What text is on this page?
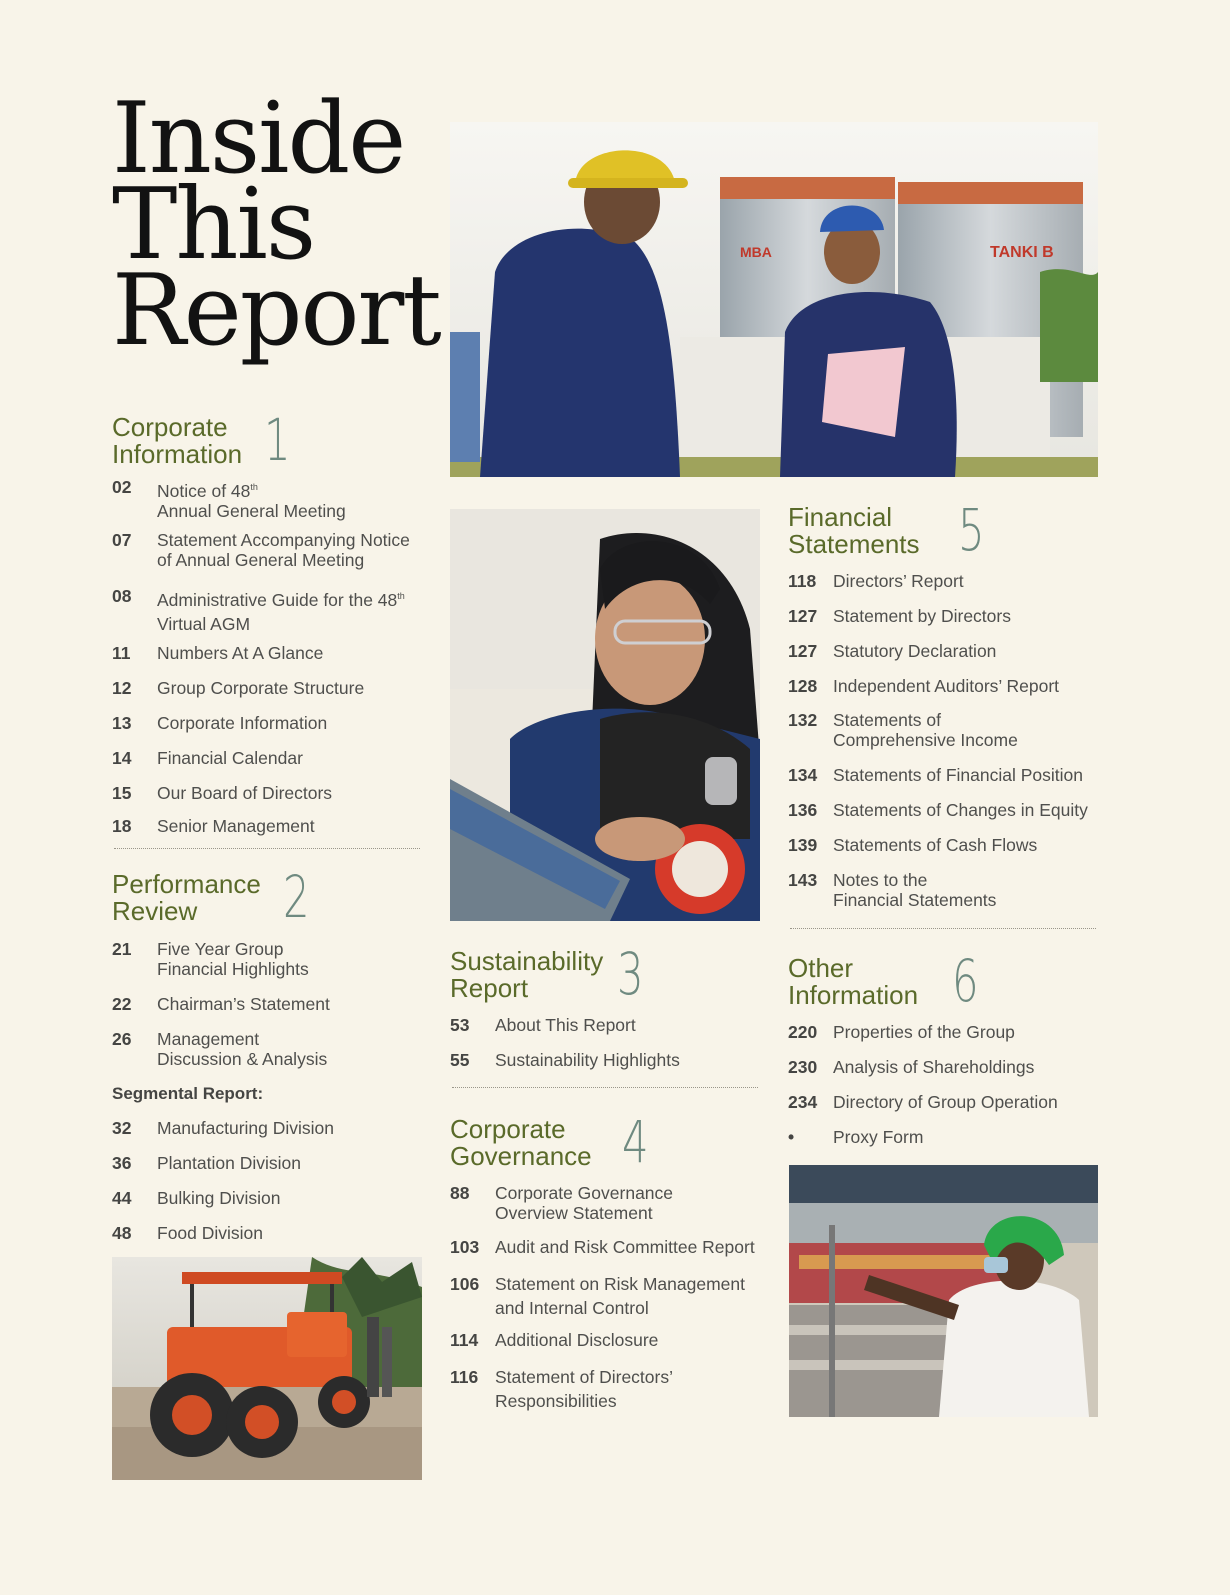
Inside
This
Report
Corporate
Information 1
02	Notice of 48th
Annual General Meeting
07	Statement Accompanying Notice
of Annual General Meeting
08	Administrative Guide for the 48th
Virtual AGM
11	Numbers At A Glance
12	Group Corporate Structure
13	Corporate Information
14	Financial Calendar
15	Our Board of Directors
18	Senior Management
Performance
Review	2
21	Five Year Group
Financial Highlights
22	Chairman’s Statement
26	Management
Discussion & Analysis
Segmental Report:
32	Manufacturing Division
36	Plantation Division
44	Bulking Division
48	Food Division
MBA	TANKI B
Sustainability
Report	3
53	About This Report
55	Sustainability Highlights
Corporate
Governance 4
88	Corporate Governance
Overview Statement
103 Audit and Risk Committee Report
106 Statement on Risk Management
and Internal Control
114 Additional Disclosure
116 Statement of Directors’
Responsibilities
Financial
Statements 5
118 Directors’ Report
127 Statement by Directors
127 Statutory Declaration
128 Independent Auditors’ Report
132 Statements of
Comprehensive Income
134 Statements of Financial Position
136 Statements of Changes in Equity
139 Statements of Cash Flows
143 Notes to the
Financial Statements
Other
Information 6
220 Properties of the Group
230 Analysis of Shareholdings
234 Directory of Group Operation
•	Proxy Form
